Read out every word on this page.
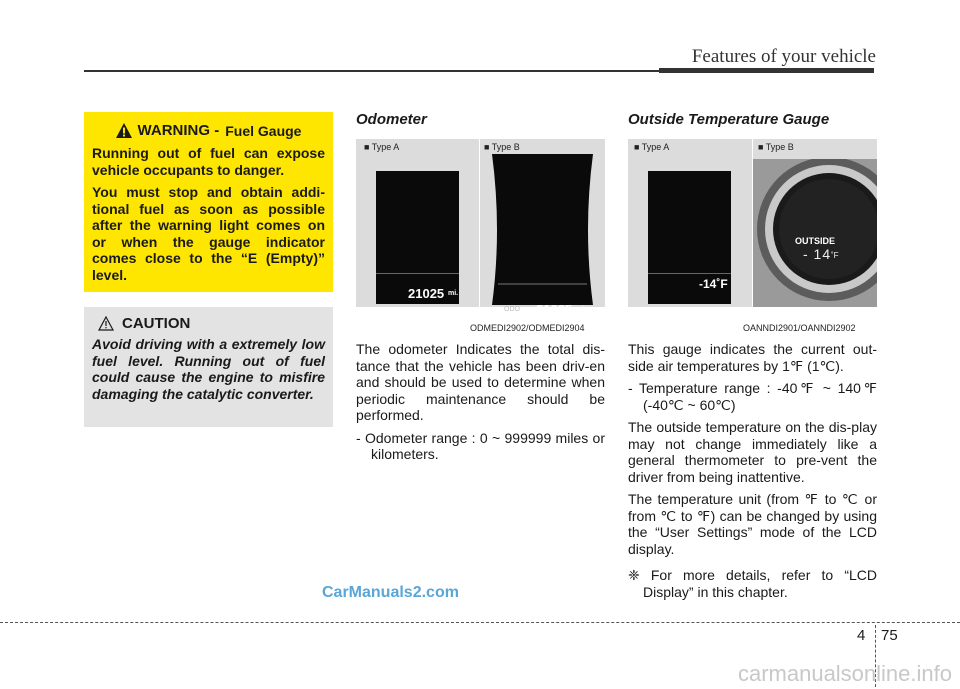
Features of your vehicle
WARNING - Fuel Gauge

Running out of fuel can expose vehicle occupants to danger.

You must stop and obtain addi-tional fuel as soon as possible after the warning light comes on or when the gauge indicator comes close to the “E (Empty)” level.

CAUTION

Avoid driving with a extremely low fuel level. Running out of fuel could cause the engine to misfire damaging the catalytic converter.

Odometer
■ Type A	■ Type B
21025 mi.
ODO 21025 mi.
ODMEDI2902/ODMEDI2904

The odometer Indicates the total dis-tance that the vehicle has been driv-en and should be used to determine when periodic maintenance should be performed.

- Odometer range : 0 ~ 999999 miles or kilometers.

Outside Temperature Gauge
■ Type A	■ Type B
-14˚F
OUTSIDE
- 14 ˚F
OANNDI2901/OANNDI2902

This gauge indicates the current out-side air temperatures by 1℉ (1℃).

- Temperature range : -40℉ ~ 140℉ (-40℃ ~ 60℃)

The outside temperature on the dis-play may not change immediately like a general thermometer to pre-vent the driver from being inattentive.

The temperature unit (from ℉ to ℃ or from ℃ to ℉) can be changed by using the “User Settings” mode of the LCD display.

❈ For more details, refer to “LCD Display” in this chapter.

CarManuals2.com
4 75
carmanualsonline.info
